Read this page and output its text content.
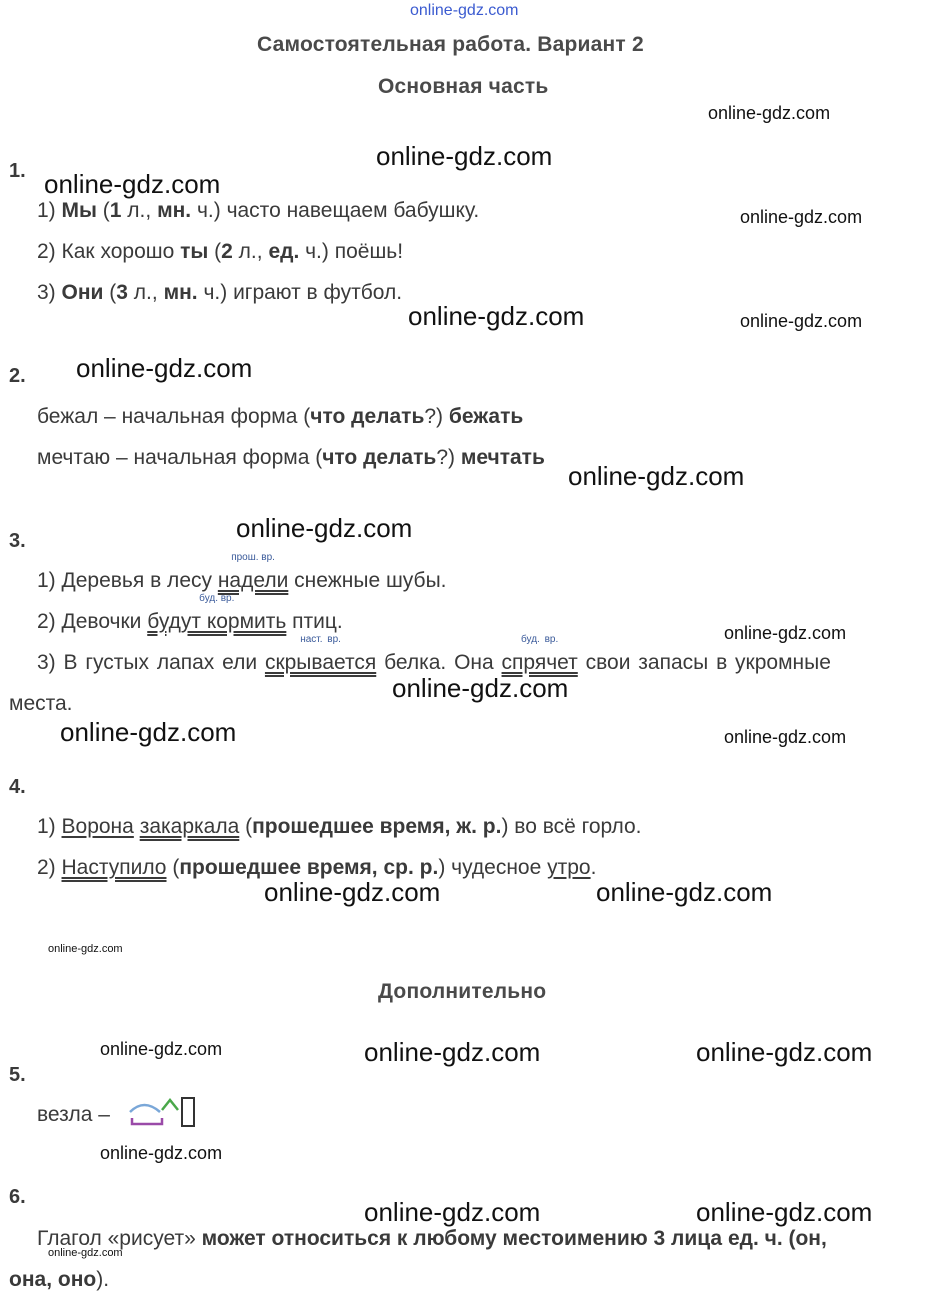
online-gdz.com
Самостоятельная работа. Вариант 2
Основная часть
1.
1) Мы (1 л., мн. ч.) часто навещаем бабушку.
2) Как хорошо ты (2 л., ед. ч.) поёшь!
3) Они (3 л., мн. ч.) играют в футбол.
2.
бежал – начальная форма (что делать?) бежать
мечтаю – начальная форма (что делать?) мечтать
3.
1) Деревья в лесу
прош. вр.
надели снежные шубы.
2) Девочки
буд. вр.
будут кормить птиц.
3) В густых лапах ели
наст. вр.
скрывается белка. Она
буд. вр.
спрячет свои запасы в укромные
места.
4.
1) Ворона закаркала (прошедшее время, ж. р.) во всё горло.
2) Наступило (прошедшее время, ср. р.) чудесное утро.
Дополнительно
5.
везла –
6.
Глагол «рисует» может относиться к любому местоимению 3 лица ед. ч. (он,
она, оно).
online-gdz.com
online-gdz.com
online-gdz.com
online-gdz.com
online-gdz.com	online-gdz.com
online-gdz.com
online-gdz.com
online-gdz.com
online-gdz.com
online-gdz.com
online-gdz.com	online-gdz.com
online-gdz.com	online-gdz.com
online-gdz.com
online-gdz.com	online-gdz.com	online-gdz.com
online-gdz.com
online-gdz.com	online-gdz.com
online-gdz.com
